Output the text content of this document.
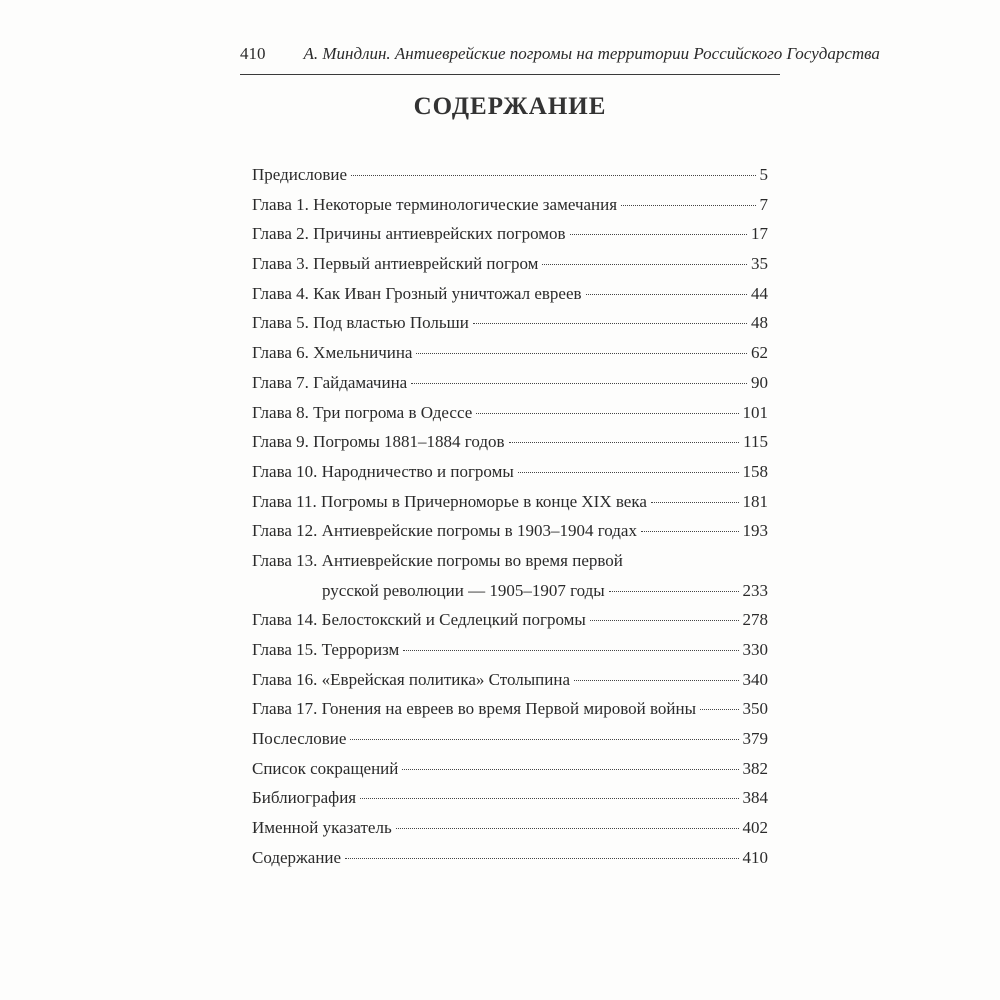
410 А. Миндлин. Антиеврейские погромы на территории Российского Государства
СОДЕРЖАНИЕ
Предисловие	5
Глава 1. Некоторые терминологические замечания	7
Глава 2. Причины антиеврейских погромов	17
Глава 3. Первый антиеврейский погром	35
Глава 4. Как Иван Грозный уничтожал евреев	44
Глава 5. Под властью Польши	48
Глава 6. Хмельничина	62
Глава 7. Гайдамачина	90
Глава 8. Три погрома в Одессе	101
Глава 9. Погромы 1881–1884 годов	115
Глава 10. Народничество и погромы	158
Глава 11. Погромы в Причерноморье в конце XIX века	181
Глава 12. Антиеврейские погромы в 1903–1904 годах	193
Глава 13. Антиеврейские погромы во время первой
русской революции — 1905–1907 годы	233
Глава 14. Белостокский и Седлецкий погромы	278
Глава 15. Терроризм	330
Глава 16. «Еврейская политика» Столыпина	340
Глава 17. Гонения на евреев во время Первой мировой войны	350
Послесловие	379
Список сокращений	382
Библиография	384
Именной указатель	402
Содержание	410
